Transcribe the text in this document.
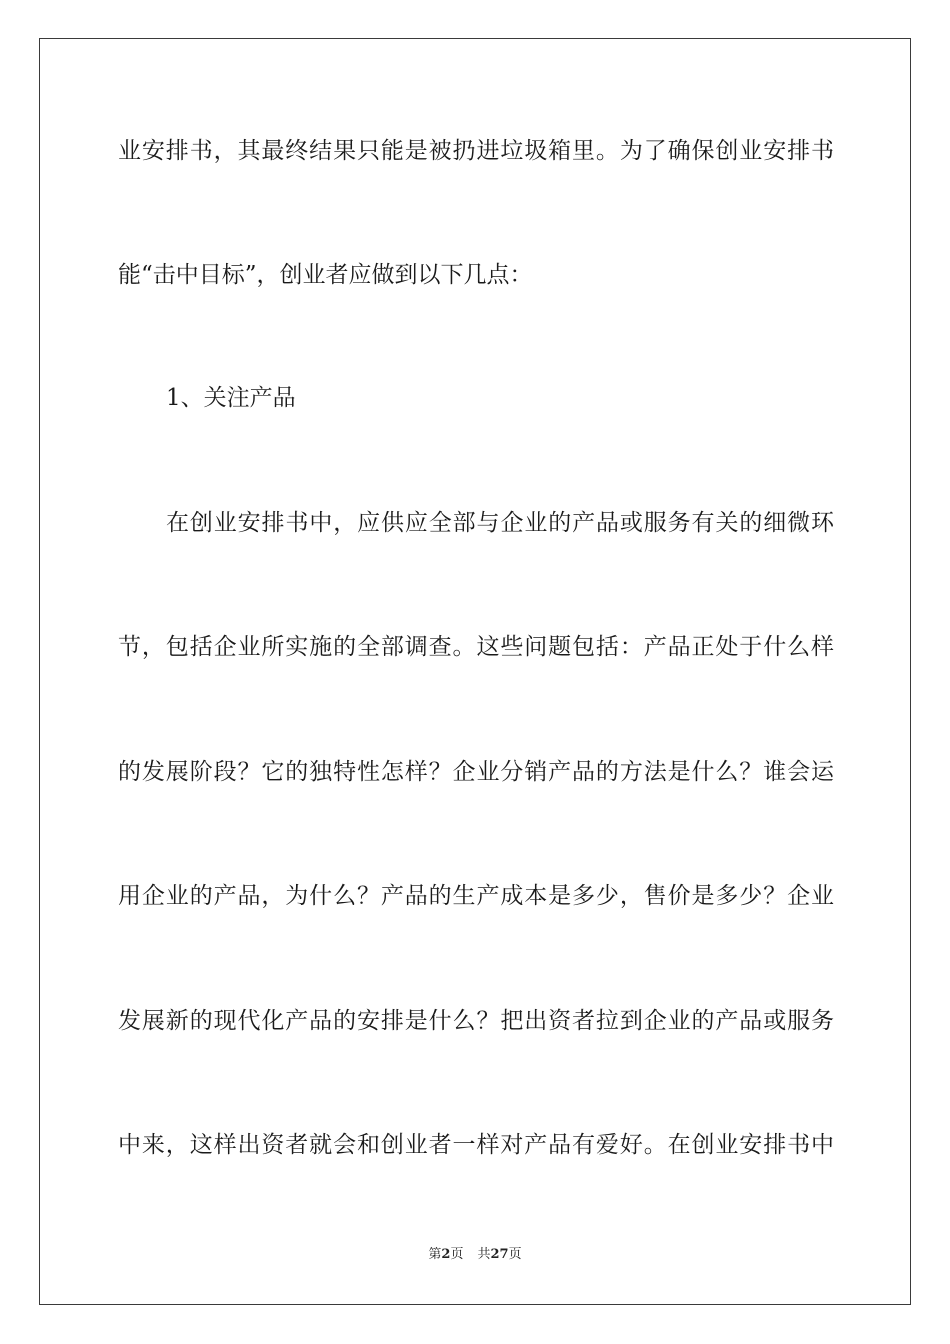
业安排书，其最终结果只能是被扔进垃圾箱里。为了确保创业安排书
能“击中目标”，创业者应做到以下几点：
1、关注产品
在创业安排书中，应供应全部与企业的产品或服务有关的细微环
节，包括企业所实施的全部调查。这些问题包括：产品正处于什么样
的发展阶段？它的独特性怎样？企业分销产品的方法是什么？谁会运
用企业的产品，为什么？产品的生产成本是多少，售价是多少？企业
发展新的现代化产品的安排是什么？把出资者拉到企业的产品或服务
中来，这样出资者就会和创业者一样对产品有爱好。在创业安排书中
第2页 共27页
